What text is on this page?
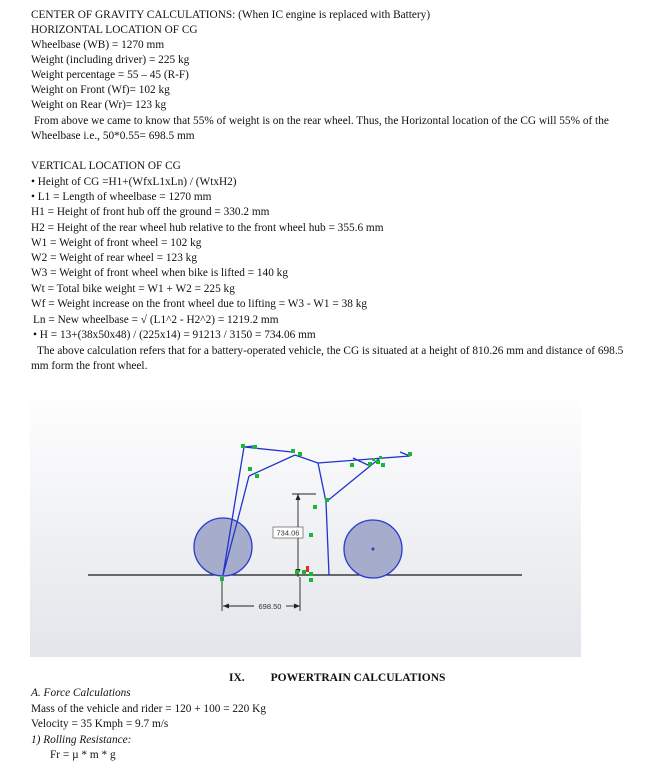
CENTER OF GRAVITY CALCULATIONS: (When IC engine is replaced with Battery)
HORIZONTAL LOCATION OF CG
Wheelbase (WB) = 1270 mm
Weight (including driver) = 225 kg
Weight percentage = 55 – 45 (R-F)
Weight on Front (Wf)= 102 kg
Weight on Rear (Wr)= 123 kg
From above we came to know that 55% of weight is on the rear wheel. Thus, the Horizontal location of the CG will 55% of the Wheelbase i.e., 50*0.55= 698.5 mm
VERTICAL LOCATION OF CG
• Height of CG =H1+(WfxL1xLn) / (WtxH2)
• L1 = Length of wheelbase = 1270 mm
H1 = Height of front hub off the ground = 330.2 mm
H2 = Height of the rear wheel hub relative to the front wheel hub = 355.6 mm
W1 = Weight of front wheel = 102 kg
W2 = Weight of rear wheel = 123 kg
W3 = Weight of front wheel when bike is lifted = 140 kg
Wt = Total bike weight = W1 + W2 = 225 kg
Wf = Weight increase on the front wheel due to lifting = W3 - W1 = 38 kg
Ln = New wheelbase = √ (L1^2 - H2^2) = 1219.2 mm
• H = 13+(38x50x48) / (225x14) = 91213 / 3150 = 734.06 mm
The above calculation refers that for a battery-operated vehicle, the CG is situated at a height of 810.26 mm and distance of 698.5 mm form the front wheel.
734.06
698.50
IX. POWERTRAIN CALCULATIONS
A. Force Calculations
Mass of the vehicle and rider = 120 + 100 = 220 Kg
Velocity = 35 Kmph = 9.7 m/s
1) Rolling Resistance:
Fr = µ * m * g
